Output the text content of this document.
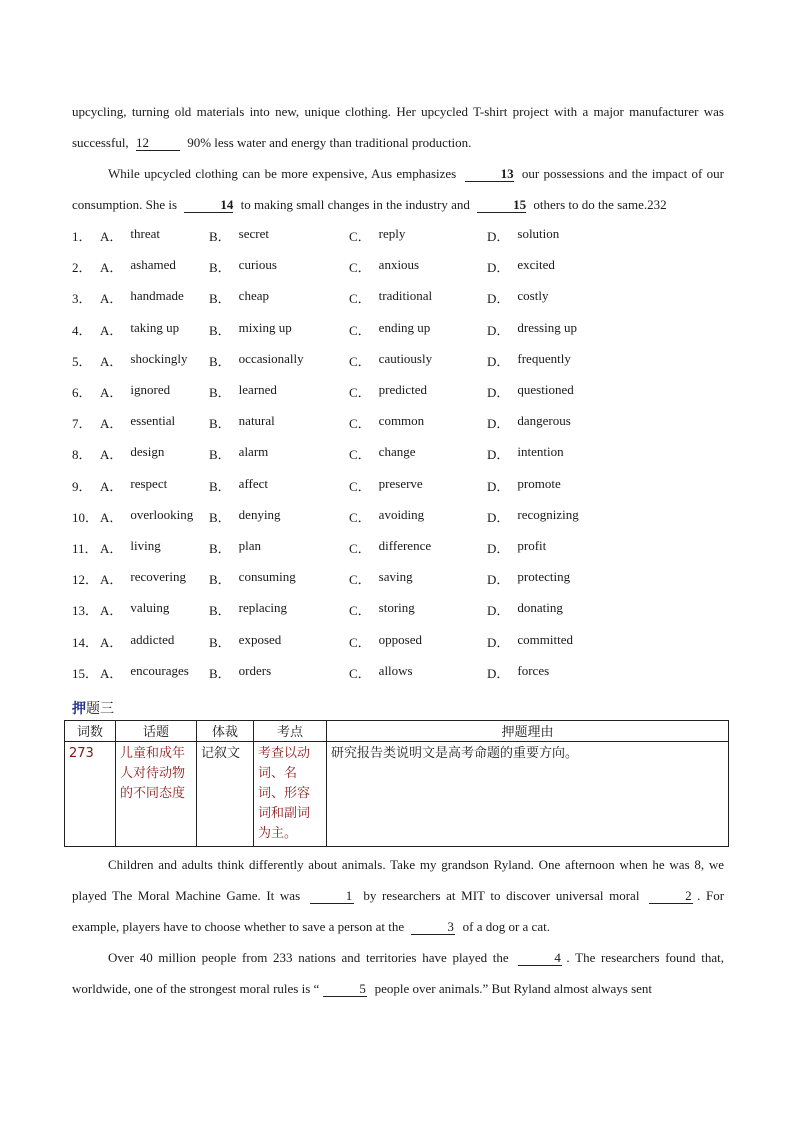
upcycling, turning old materials into new, unique clothing. Her upcycled T-shirt project with a major manufacturer was successful, 12	90% less water and energy than traditional production.

While upcycled clothing can be more expensive, Aus emphasizes	13 our possessions and the impact of our consumption. She is	14 to making small changes in the industry and	15 others to do the same.232

1． A． threat	B． secret	C． reply	D． solution
2． A． ashamed	B． curious	C． anxious	D． excited
3． A． handmade B． cheap	C． traditional	D． costly
4． A． taking up B． mixing up	C． ending up	D． dressing up
5． A． shockingly B． occasionally	C． cautiously	D． frequently
6． A． ignored	B． learned	C． predicted	D． questioned
7． A． essential	B． natural	C． common	D． dangerous
8． A． design	B． alarm	C． change	D． intention
9． A． respect	B． affect	C． preserve	D． promote
10． A． overlooking B． denying	C． avoiding	D． recognizing
11． A． living	B． plan	C． difference	D． profit
12． A． recovering B． consuming	C． saving	D． protecting
13． A． valuing	B． replacing	C． storing	D． donating
14． A． addicted	B． exposed	C． opposed	D． committed
15． A． encourages B． orders	C． allows	D． forces
押题三
词数	话题	体裁	考点	押题理由
273	儿童和成年人对待动物的不同态度	记叙文	考查以动词、名词、形容词和副词为主。	研究报告类说明文是高考命题的重要方向。

Children and adults think differently about animals. Take my grandson Ryland. One afternoon when he was 8, we played The Moral Machine Game. It was	1 by researchers at MIT to discover universal moral	2 . For example, players have to choose whether to save a person at the	3 of a dog or a cat.

Over 40 million people from 233 nations and territories have played the	4 . The researchers found that, worldwide, one of the strongest moral rules is “	5 people over animals.” But Ryland almost always sent
